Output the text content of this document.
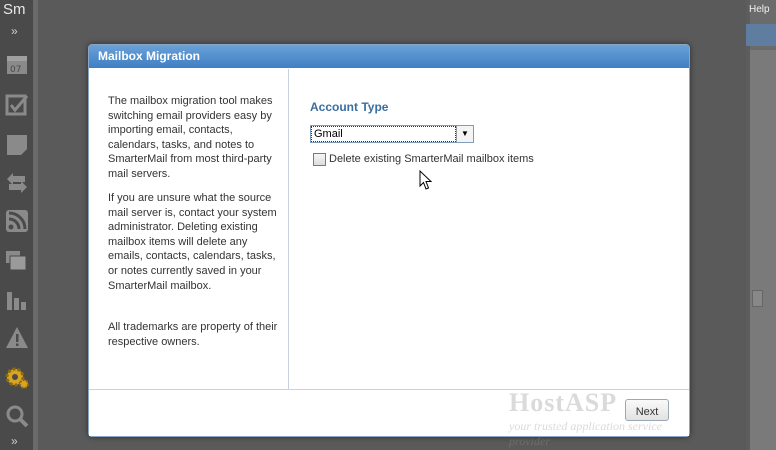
Sm
»
07
»
Help
Mailbox Migration

The mailbox migration tool makes switching email providers easy by importing email, contacts, calendars, tasks, and notes to SmarterMail from most third-party mail servers.

If you are unsure what the source mail server is, contact your system administrator. Deleting existing mailbox items will delete any emails, contacts, calendars, tasks, or notes currently saved in your SmarterMail mailbox.

All trademarks are property of their respective owners.

Account Type
Gmail	▼
Delete existing SmarterMail mailbox items
Next
HostASP
your trusted application service provider
